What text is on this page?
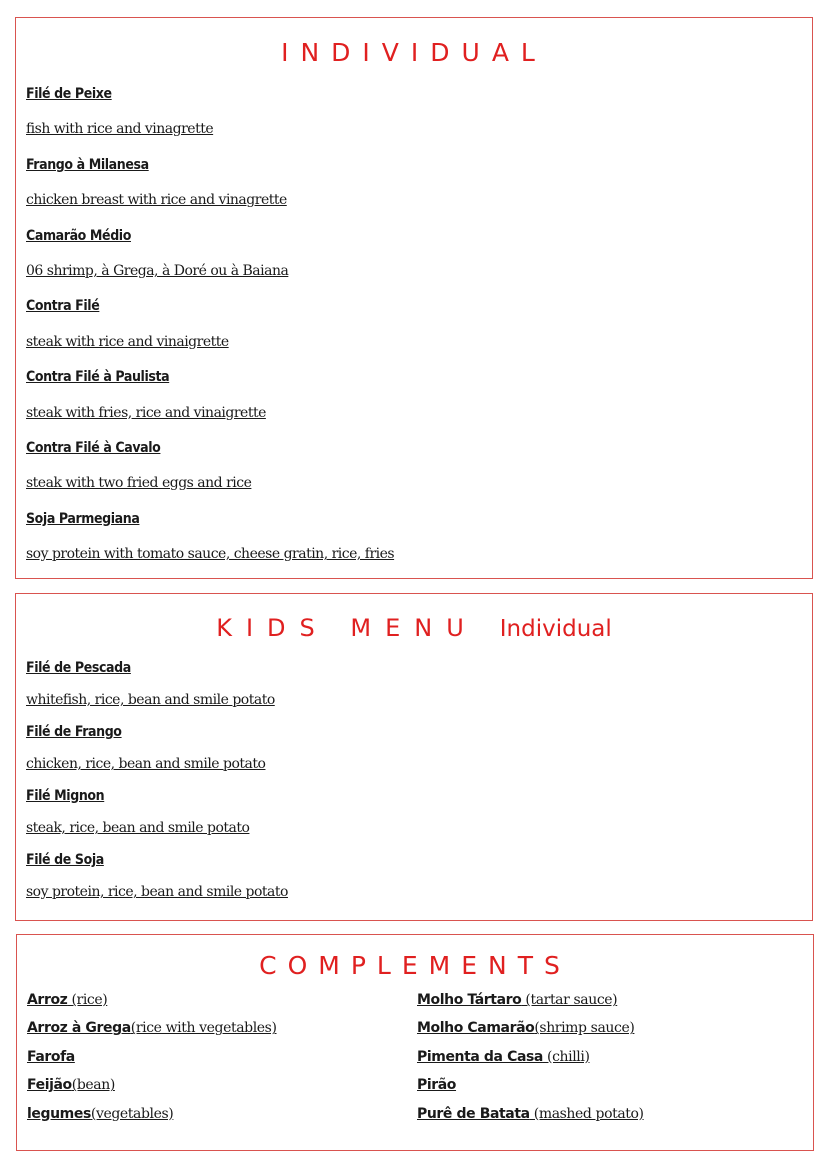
INDIVIDUAL
Filé de Peixe
fish with rice and vinagrette
Frango à Milanesa
chicken breast with rice and vinagrette
Camarão Médio
06 shrimp, à Grega, à Doré ou à Baiana
Contra Filé
steak with rice and vinaigrette
Contra Filé à Paulista
steak with fries, rice and vinaigrette
Contra Filé à Cavalo
steak with two fried eggs and rice
Soja Parmegiana
soy protein with tomato sauce, cheese gratin, rice, fries
KIDS MENU Individual
Filé de Pescada
whitefish, rice, bean and smile potato
Filé de Frango
chicken, rice, bean and smile potato
Filé Mignon
steak, rice, bean and smile potato
Filé de Soja
soy protein, rice, bean and smile potato
COMPLEMENTS
Arroz (rice)
Arroz à Grega(rice with vegetables)
Farofa
Feijão(bean)
legumes(vegetables)
Molho Tártaro (tartar sauce)
Molho Camarão(shrimp sauce)
Pimenta da Casa (chilli)
Pirão
Purê de Batata (mashed potato)
